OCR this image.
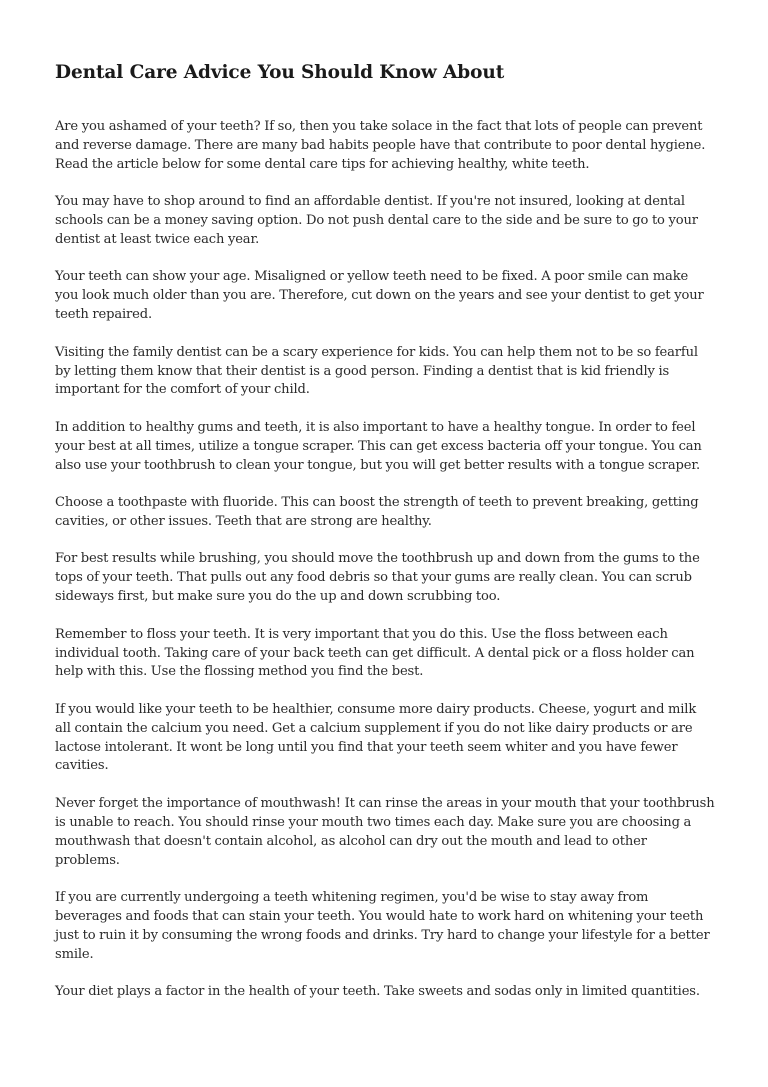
Dental Care Advice You Should Know About

Are you ashamed of your teeth? If so, then you take solace in the fact that lots of people can prevent and reverse damage. There are many bad habits people have that contribute to poor dental hygiene. Read the article below for some dental care tips for achieving healthy, white teeth.

You may have to shop around to find an affordable dentist. If you're not insured, looking at dental schools can be a money saving option. Do not push dental care to the side and be sure to go to your dentist at least twice each year.

Your teeth can show your age. Misaligned or yellow teeth need to be fixed. A poor smile can make you look much older than you are. Therefore, cut down on the years and see your dentist to get your teeth repaired.

Visiting the family dentist can be a scary experience for kids. You can help them not to be so fearful by letting them know that their dentist is a good person. Finding a dentist that is kid friendly is important for the comfort of your child.

In addition to healthy gums and teeth, it is also important to have a healthy tongue. In order to feel your best at all times, utilize a tongue scraper. This can get excess bacteria off your tongue. You can also use your toothbrush to clean your tongue, but you will get better results with a tongue scraper.

Choose a toothpaste with fluoride. This can boost the strength of teeth to prevent breaking, getting cavities, or other issues. Teeth that are strong are healthy.

For best results while brushing, you should move the toothbrush up and down from the gums to the tops of your teeth. That pulls out any food debris so that your gums are really clean. You can scrub sideways first, but make sure you do the up and down scrubbing too.

Remember to floss your teeth. It is very important that you do this. Use the floss between each individual tooth. Taking care of your back teeth can get difficult. A dental pick or a floss holder can help with this. Use the flossing method you find the best.

If you would like your teeth to be healthier, consume more dairy products. Cheese, yogurt and milk all contain the calcium you need. Get a calcium supplement if you do not like dairy products or are lactose intolerant. It wont be long until you find that your teeth seem whiter and you have fewer cavities.

Never forget the importance of mouthwash! It can rinse the areas in your mouth that your toothbrush is unable to reach. You should rinse your mouth two times each day. Make sure you are choosing a mouthwash that doesn't contain alcohol, as alcohol can dry out the mouth and lead to other problems.

If you are currently undergoing a teeth whitening regimen, you'd be wise to stay away from beverages and foods that can stain your teeth. You would hate to work hard on whitening your teeth just to ruin it by consuming the wrong foods and drinks. Try hard to change your lifestyle for a better smile.

Your diet plays a factor in the health of your teeth. Take sweets and sodas only in limited quantities.
